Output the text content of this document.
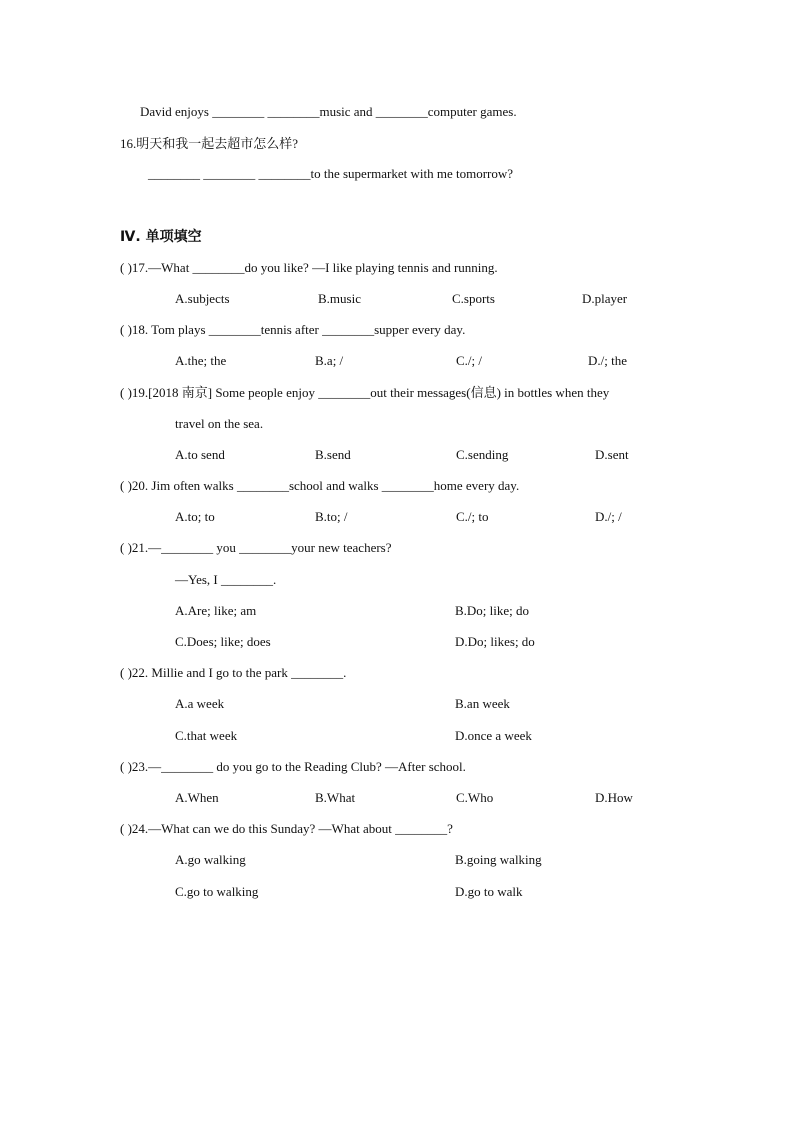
David enjoys ________ ________music and ________computer games.
16.明天和我一起去超市怎么样?
________ ________ ________to the supermarket with me tomorrow?
Ⅳ. 单项填空
( )17.—What ________do you like? —I like playing tennis and running.
A.subjects	B.music	C.sports	D.player
( )18. Tom plays ________tennis after ________supper every day.
A.the; the	B.a; /	C./; /	D./; the
( )19.[2018 南京] Some people enjoy ________out their messages(信息) in bottles when they
travel on the sea.
A.to send	B.send	C.sending	D.sent
( )20. Jim often walks ________school and walks ________home every day.
A.to; to	B.to; /	C./; to	D./; /
( )21.—________ you ________your new teachers?
—Yes, I ________.
A.Are; like; am	B.Do; like; do
C.Does; like; does	D.Do; likes; do
( )22. Millie and I go to the park ________.
A.a week	B.an week
C.that week	D.once a week
( )23.—________ do you go to the Reading Club? —After school.
A.When	B.What	C.Who	D.How
( )24.—What can we do this Sunday? —What about ________?
A.go walking	B.going walking
C.go to walking	D.go to walk
